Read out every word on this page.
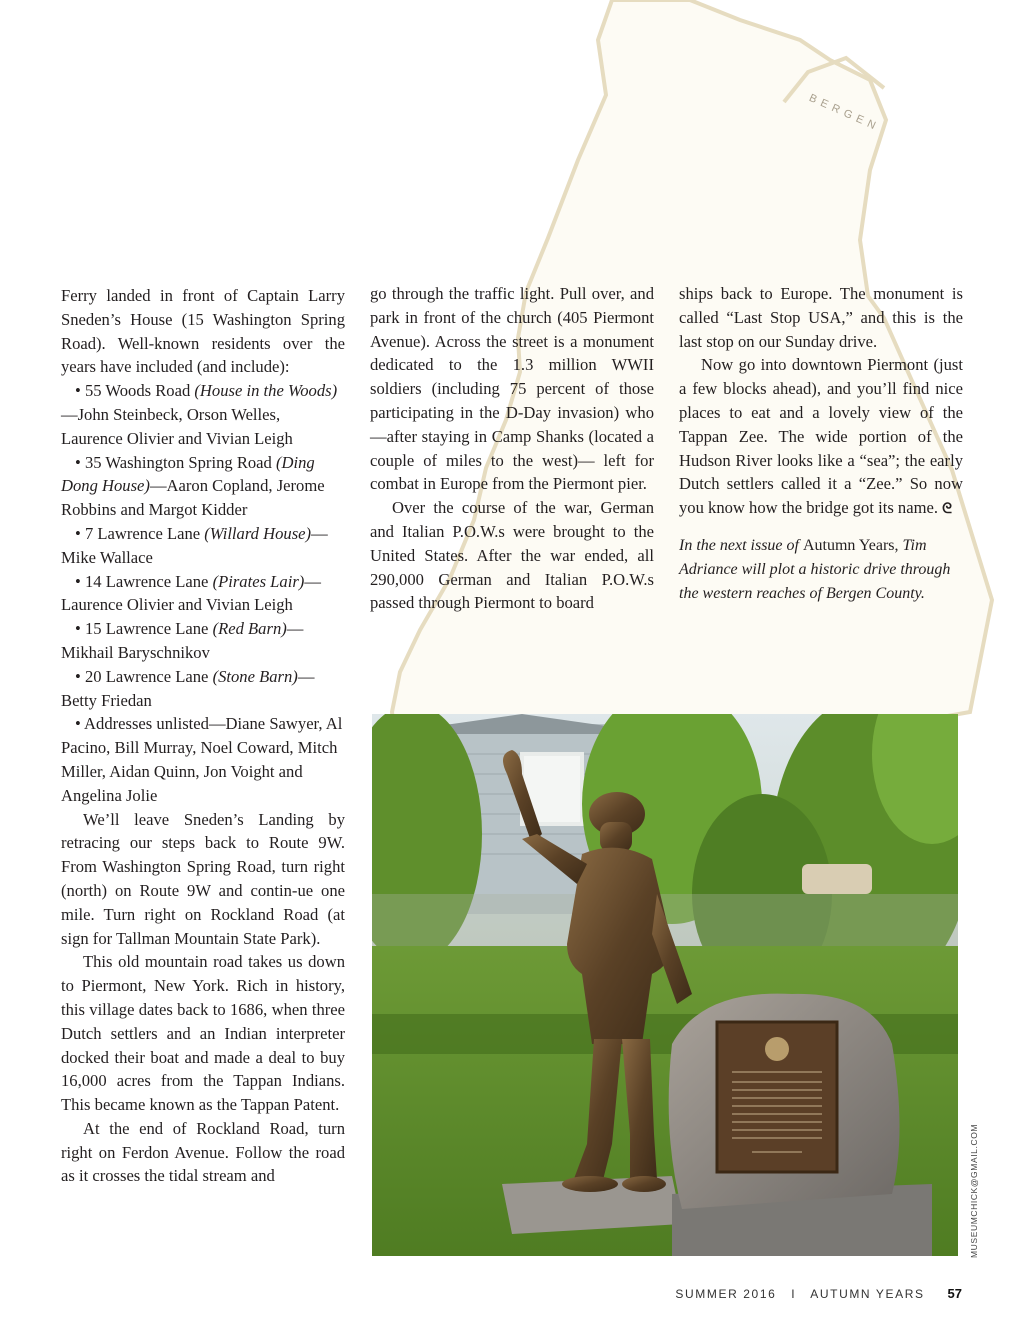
BERGEN

Ferry landed in front of Captain Larry Sneden’s House (15 Washington Spring Road). Well-known residents over the years have included (and include):

• 55 Woods Road (House in the Woods)—John Steinbeck, Orson Welles, Laurence Olivier and Vivian Leigh

• 35 Washington Spring Road (Ding Dong House)—Aaron Copland, Jerome Robbins and Margot Kidder

• 7 Lawrence Lane (Willard House)— Mike Wallace

• 14 Lawrence Lane (Pirates Lair)— Laurence Olivier and Vivian Leigh

• 15 Lawrence Lane (Red Barn)— Mikhail Baryschnikov

• 20 Lawrence Lane (Stone Barn)— Betty Friedan

• Addresses unlisted—Diane Sawyer, Al Pacino, Bill Murray, Noel Coward, Mitch Miller, Aidan Quinn, Jon Voight and Angelina Jolie

We’ll leave Sneden’s Landing by retracing our steps back to Route 9W. From Washington Spring Road, turn right (north) on Route 9W and contin-ue one mile. Turn right on Rockland Road (at sign for Tallman Mountain State Park).

This old mountain road takes us down to Piermont, New York. Rich in history, this village dates back to 1686, when three Dutch settlers and an Indian interpreter docked their boat and made a deal to buy 16,000 acres from the Tappan Indians. This became known as the Tappan Patent.

At the end of Rockland Road, turn right on Ferdon Avenue. Follow the road as it crosses the tidal stream and

go through the traffic light. Pull over, and park in front of the church (405 Piermont Avenue). Across the street is a monument dedicated to the 1.3 million WWII soldiers (including 75 percent of those participating in the D-Day invasion) who—after staying in Camp Shanks (located a couple of miles to the west)— left for combat in Europe from the Piermont pier.

Over the course of the war, German and Italian P.O.W.s were brought to the United States. After the war ended, all 290,000 German and Italian P.O.W.s passed through Piermont to board

ships back to Europe. The monument is called “Last Stop USA,” and this is the last stop on our Sunday drive.

Now go into downtown Piermont (just a few blocks ahead), and you’ll find nice places to eat and a lovely view of the Tappan Zee. The wide portion of the Hudson River looks like a “sea”; the early Dutch settlers called it a “Zee.” So now you know how the bridge got its name. ᘓ

In the next issue of Autumn Years, Tim Adriance will plot a historic drive through the western reaches of Bergen County.

MUSEUMCHICK@GMAIL.COM
SUMMER 2016 I AUTUMN YEARS 57
